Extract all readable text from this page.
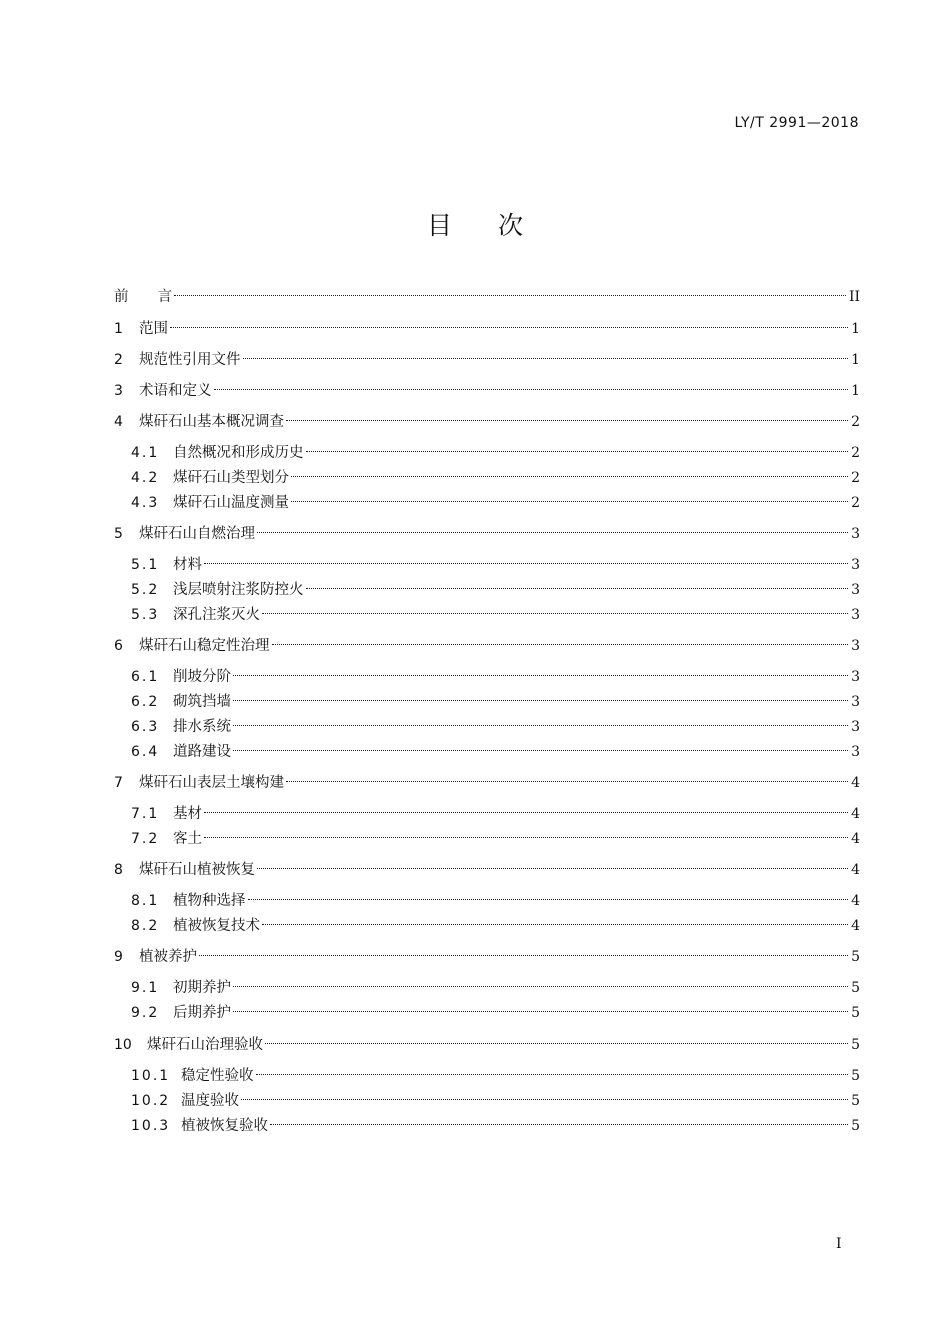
LY/T 2991—2018
目次
前　　言	II
1	范围	1
2	规范性引用文件	1
3	术语和定义	1
4	煤矸石山基本概况调查	2
4.1 自然概况和形成历史	2
4.2 煤矸石山类型划分	2
4.3 煤矸石山温度测量	2
5	煤矸石山自燃治理	3
5.1 材料	3
5.2 浅层喷射注浆防控火	3
5.3 深孔注浆灭火	3
6	煤矸石山稳定性治理	3
6.1 削坡分阶	3
6.2 砌筑挡墙	3
6.3 排水系统	3
6.4 道路建设	3
7	煤矸石山表层土壤构建	4
7.1 基材	4
7.2 客土	4
8	煤矸石山植被恢复	4
8.1 植物种选择	4
8.2 植被恢复技术	4
9	植被养护	5
9.1 初期养护	5
9.2 后期养护	5
10	煤矸石山治理验收	5
10.1 稳定性验收	5
10.2 温度验收	5
10.3 植被恢复验收	5
I
